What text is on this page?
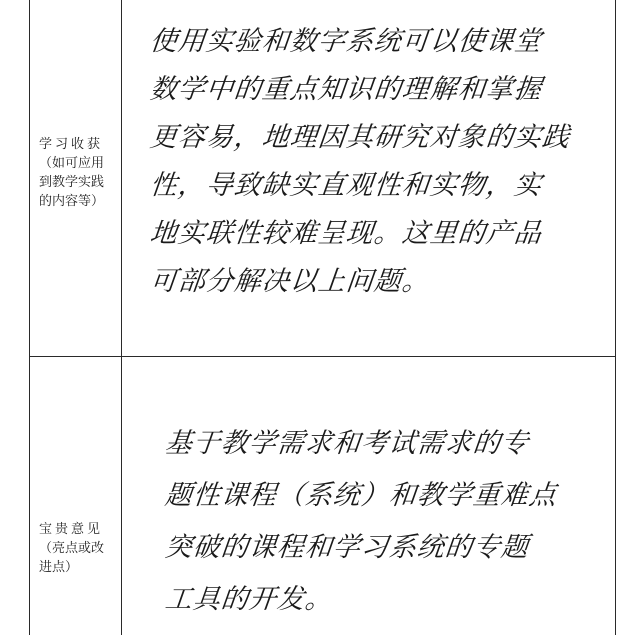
学习收获
（如可应用
到教学实践
的内容等）
使用实验和数字系统可以使课堂
数学中的重点知识的理解和掌握
更容易，地理因其研究对象的实践
性，导致缺实直观性和实物，实
地实联性较难呈现。这里的产品
可部分解决以上问题。
宝贵意见
（亮点或改
进点）
基于教学需求和考试需求的专
题性课程（系统）和教学重难点
突破的课程和学习系统的专题
工具的开发。
